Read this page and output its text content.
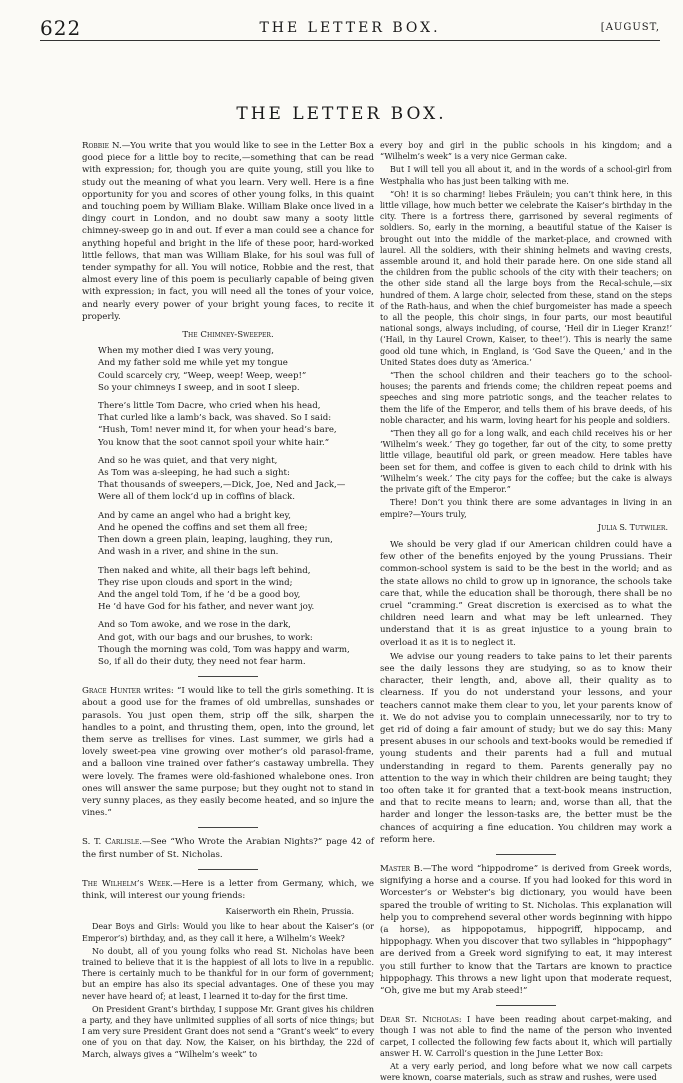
622	THE LETTER BOX.	[AUGUST,
THE LETTER BOX.

Robbie N.—You write that you would like to see in the Letter Box a good piece for a little boy to recite,—something that can be read with expression; for, though you are quite young, still you like to study out the meaning of what you learn. Very well. Here is a fine opportunity for you and scores of other young folks, in this quaint and touching poem by William Blake. William Blake once lived in a dingy court in London, and no doubt saw many a sooty little chimney-sweep go in and out. If ever a man could see a chance for anything hopeful and bright in the life of these poor, hard-worked little fellows, that man was William Blake, for his soul was full of tender sympathy for all. You will notice, Robbie and the rest, that almost every line of this poem is peculiarly capable of being given with expression; in fact, you will need all the tones of your voice, and nearly every power of your bright young faces, to recite it properly.

The Chimney-Sweeper.
When my mother died I was very young,
And my father sold me while yet my tongue
Could scarcely cry, “Weep, weep! Weep, weep!”
So your chimneys I sweep, and in soot I sleep.
There’s little Tom Dacre, who cried when his head,
That curled like a lamb’s back, was shaved. So I said:
“Hush, Tom! never mind it, for when your head’s bare,
You know that the soot cannot spoil your white hair.”
And so he was quiet, and that very night,
As Tom was a-sleeping, he had such a sight:
That thousands of sweepers,—Dick, Joe, Ned and Jack,—
Were all of them lock’d up in coffins of black.
And by came an angel who had a bright key,
And he opened the coffins and set them all free;
Then down a green plain, leaping, laughing, they run,
And wash in a river, and shine in the sun.
Then naked and white, all their bags left behind,
They rise upon clouds and sport in the wind;
And the angel told Tom, if he ’d be a good boy,
He ’d have God for his father, and never want joy.
And so Tom awoke, and we rose in the dark,
And got, with our bags and our brushes, to work:
Though the morning was cold, Tom was happy and warm,
So, if all do their duty, they need not fear harm.

Grace Hunter writes: “I would like to tell the girls something. It is about a good use for the frames of old umbrellas, sunshades or parasols. You just open them, strip off the silk, sharpen the handles to a point, and thrusting them, open, into the ground, let them serve as trellises for vines. Last summer, we girls had a lovely sweet-pea vine growing over mother’s old parasol-frame, and a balloon vine trained over father’s castaway umbrella. They were lovely. The frames were old-fashioned whalebone ones. Iron ones will answer the same purpose; but they ought not to stand in very sunny places, as they easily become heated, and so injure the vines.”

S. T. Carlisle.—See “Who Wrote the Arabian Nights?” page 42 of the first number of St. Nicholas.

The Wilhelm’s Week.—Here is a letter from Germany, which, we think, will interest our young friends:

Kaiserworth ein Rhein, Prussia.

Dear Boys and Girls: Would you like to hear about the Kaiser’s (or Emperor’s) birthday, and, as they call it here, a Wilhelm’s Week?

No doubt, all of you young folks who read St. Nicholas have been trained to believe that it is the happiest of all lots to live in a republic. There is certainly much to be thankful for in our form of government; but an empire has also its special advantages. One of these you may never have heard of; at least, I learned it to-day for the first time.

On President Grant’s birthday, I suppose Mr. Grant gives his children a party, and they have unlimited supplies of all sorts of nice things; but I am very sure President Grant does not send a “Grant’s week” to every one of you on that day. Now, the Kaiser, on his birthday, the 22d of March, always gives a “Wilhelm’s week” to

every boy and girl in the public schools in his kingdom; and a “Wilhelm’s week” is a very nice German cake.

But I will tell you all about it, and in the words of a school-girl from Westphalia who has just been talking with me.

“Oh! it is so charming! liebes Fräulein; you can’t think here, in this little village, how much better we celebrate the Kaiser’s birthday in the city. There is a fortress there, garrisoned by several regiments of soldiers. So, early in the morning, a beautiful statue of the Kaiser is brought out into the middle of the market-place, and crowned with laurel. All the soldiers, with their shining helmets and waving crests, assemble around it, and hold their parade here. On one side stand all the children from the public schools of the city with their teachers; on the other side stand all the large boys from the Recal-schule,—six hundred of them. A large choir, selected from these, stand on the steps of the Rath-haus, and when the chief burgomeister has made a speech to all the people, this choir sings, in four parts, our most beautiful national songs, always including, of course, ‘Heil dir in Lieger Kranz!’ (‘Hail, in thy Laurel Crown, Kaiser, to thee!’). This is nearly the same good old tune which, in England, is ‘God Save the Queen,’ and in the United States does duty as ‘America.’

“Then the school children and their teachers go to the school-houses; the parents and friends come; the children repeat poems and speeches and sing more patriotic songs, and the teacher relates to them the life of the Emperor, and tells them of his brave deeds, of his noble character, and his warm, loving heart for his people and soldiers.

“Then they all go for a long walk, and each child receives his or her ‘Wilhelm’s week.’ They go together, far out of the city, to some pretty little village, beautiful old park, or green meadow. Here tables have been set for them, and coffee is given to each child to drink with his ‘Wilhelm’s week.’ The city pays for the coffee; but the cake is always the private gift of the Emperor.”

There! Don’t you think there are some advantages in living in an empire?—Yours truly,

Julia S. Tutwiler.

We should be very glad if our American children could have a few other of the benefits enjoyed by the young Prussians. Their common-school system is said to be the best in the world; and as the state allows no child to grow up in ignorance, the schools take care that, while the education shall be thorough, there shall be no cruel “cramming.” Great discretion is exercised as to what the children need learn and what may be left unlearned. They understand that it is as great injustice to a young brain to overload it as it is to neglect it.

We advise our young readers to take pains to let their parents see the daily lessons they are studying, so as to know their character, their length, and, above all, their quality as to clearness. If you do not understand your lessons, and your teachers cannot make them clear to you, let your parents know of it. We do not advise you to complain unnecessarily, nor to try to get rid of doing a fair amount of study; but we do say this: Many present abuses in our schools and text-books would be remedied if young students and their parents had a full and mutual understanding in regard to them. Parents generally pay no attention to the way in which their children are being taught; they too often take it for granted that a text-book means instruction, and that to recite means to learn; and, worse than all, that the harder and longer the lesson-tasks are, the better must be the chances of acquiring a fine education. You children may work a reform here.

Master B.—The word “hippodrome” is derived from Greek words, signifying a horse and a course. If you had looked for this word in Worcester’s or Webster’s big dictionary, you would have been spared the trouble of writing to St. Nicholas. This explanation will help you to comprehend several other words beginning with hippo (a horse), as hippopotamus, hippogriff, hippocamp, and hippophagy. When you discover that two syllables in “hippophagy” are derived from a Greek word signifying to eat, it may interest you still further to know that the Tartars are known to practice hippophagy. This throws a new light upon that moderate request, “Oh, give me but my Arab steed!”

Dear St. Nicholas: I have been reading about carpet-making, and though I was not able to find the name of the person who invented carpet, I collected the following few facts about it, which will partially answer H. W. Carroll’s question in the June Letter Box:

At a very early period, and long before what we now call carpets were known, coarse materials, such as straw and rushes, were used
